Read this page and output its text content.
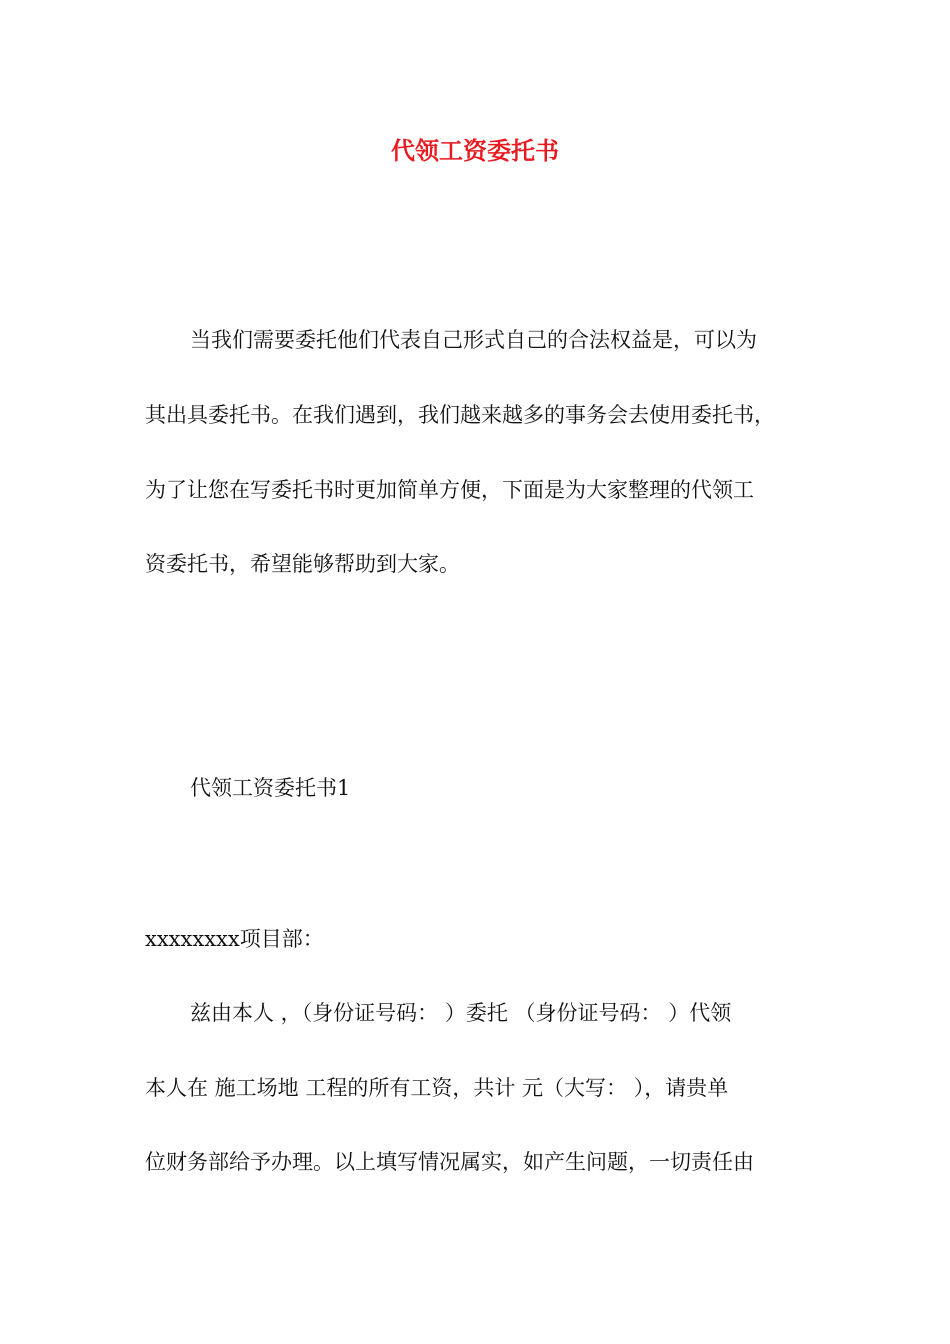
代领工资委托书
当我们需要委托他们代表自己形式自己的合法权益是，可以为
其出具委托书。在我们遇到，我们越来越多的事务会去使用委托书，
为了让您在写委托书时更加简单方便，下面是为大家整理的代领工
资委托书，希望能够帮助到大家。
代领工资委托书1
xxxxxxxx项目部：
兹由本人 ，（身份证号码： ）委托 （身份证号码： ）代领
本人在 施工场地 工程的所有工资，共计 元（大写： ），请贵单
位财务部给予办理。以上填写情况属实，如产生问题，一切责任由
